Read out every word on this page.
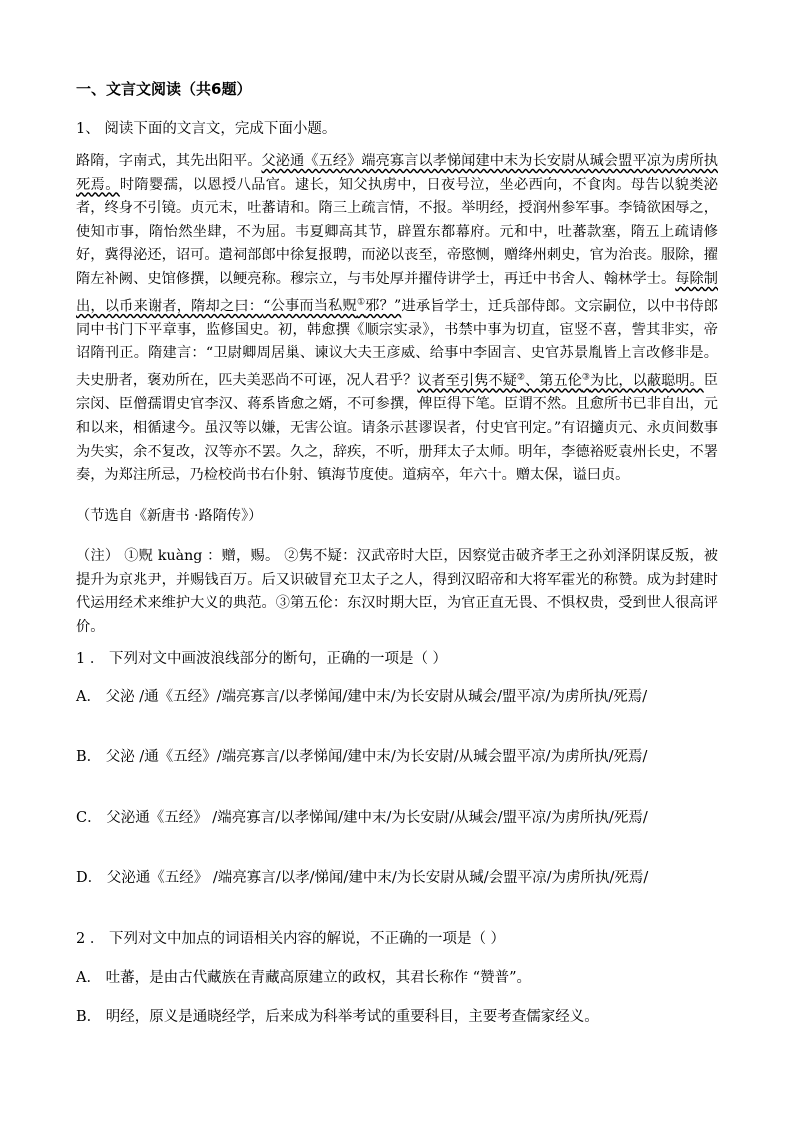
一、文言文阅读（共6题）
1、 阅读下面的文言文，完成下面小题。
路隋，字南式，其先出阳平。父泌通《五经》端亮寡言以孝悌闻建中末为长安尉从瑊会盟平凉为虏所执死焉。时隋婴孺，以恩授八品官。逮长，知父执虏中，日夜号泣，坐必西向，不食肉。母告以貌类泌者，终身不引镜。贞元末，吐蕃请和。隋三上疏言情，不报。举明经，授润州参军事。李锜欲困辱之，使知市事，隋怡然坐肆，不为屈。韦夏卿高其节，辟置东都幕府。元和中，吐蕃款塞，隋五上疏请修好，冀得泌还，诏可。遣祠部郎中徐复报聘，而泌以丧至，帝愍恻，赠绛州刺史，官为治丧。服除，擢隋左补阙、史馆修撰，以鲠亮称。穆宗立，与韦处厚并擢侍讲学士，再迁中书舍人、翰林学士。每除制出，以币来谢者，隋却之曰：“公事而当私贶①邪？”进承旨学士，迁兵部侍郎。文宗嗣位，以中书侍郎同中书门下平章事，监修国史。初，韩愈撰《顺宗实录》，书禁中事为切直，宦竖不喜，訾其非实，帝诏隋刊正。隋建言：“卫尉卿周居巢、谏议大夫王彦威、给事中李固言、史官苏景胤皆上言改修非是。夫史册者，褒劝所在，匹夫美恶尚不可诬，况人君乎？议者至引隽不疑②、第五伦③为比，以蔽聪明。臣宗闵、臣僧孺谓史官李汉、蒋系皆愈之婿，不可参撰，俾臣得下笔。臣谓不然。且愈所书已非自出，元和以来，相循逮今。虽汉等以嫌，无害公谊。请条示甚谬误者，付史官刊定。”有诏擿贞元、永贞间数事为失实，余不复改，汉等亦不罢。久之，辞疾，不听，册拜太子太师。明年，李德裕贬袁州长史，不署奏，为郑注所忌，乃检校尚书右仆射、镇海节度使。道病卒，年六十。赠太保，谥曰贞。
（节选自《新唐书 ·路隋传》）
（注） ①贶 kuàng ：赠，赐。 ②隽不疑：汉武帝时大臣，因察觉击破齐孝王之孙刘泽阴谋反叛，被提升为京兆尹，并赐钱百万。后又识破冒充卫太子之人，得到汉昭帝和大将军霍光的称赞。成为封建时代运用经术来维护大义的典范。③第五伦：东汉时期大臣，为官正直无畏、不惧权贵，受到世人很高评价。
1 ． 下列对文中画波浪线部分的断句，正确的一项是（ ）
A． 父泌 /通《五经》/端亮寡言/以孝悌闻/建中末/为长安尉从瑊会/盟平凉/为虏所执/死焉/
B． 父泌 /通《五经》/端亮寡言/以孝悌闻/建中末/为长安尉/从瑊会盟平凉/为虏所执/死焉/
C． 父泌通《五经》 /端亮寡言/以孝悌闻/建中末/为长安尉/从瑊会/盟平凉/为虏所执/死焉/
D． 父泌通《五经》 /端亮寡言/以孝/悌闻/建中末/为长安尉从瑊/会盟平凉/为虏所执/死焉/
2 ． 下列对文中加点的词语相关内容的解说，不正确的一项是（ ）
A． 吐蕃，是由古代藏族在青藏高原建立的政权，其君长称作 “赞普”。
B． 明经，原义是通晓经学，后来成为科举考试的重要科目，主要考查儒家经义。
